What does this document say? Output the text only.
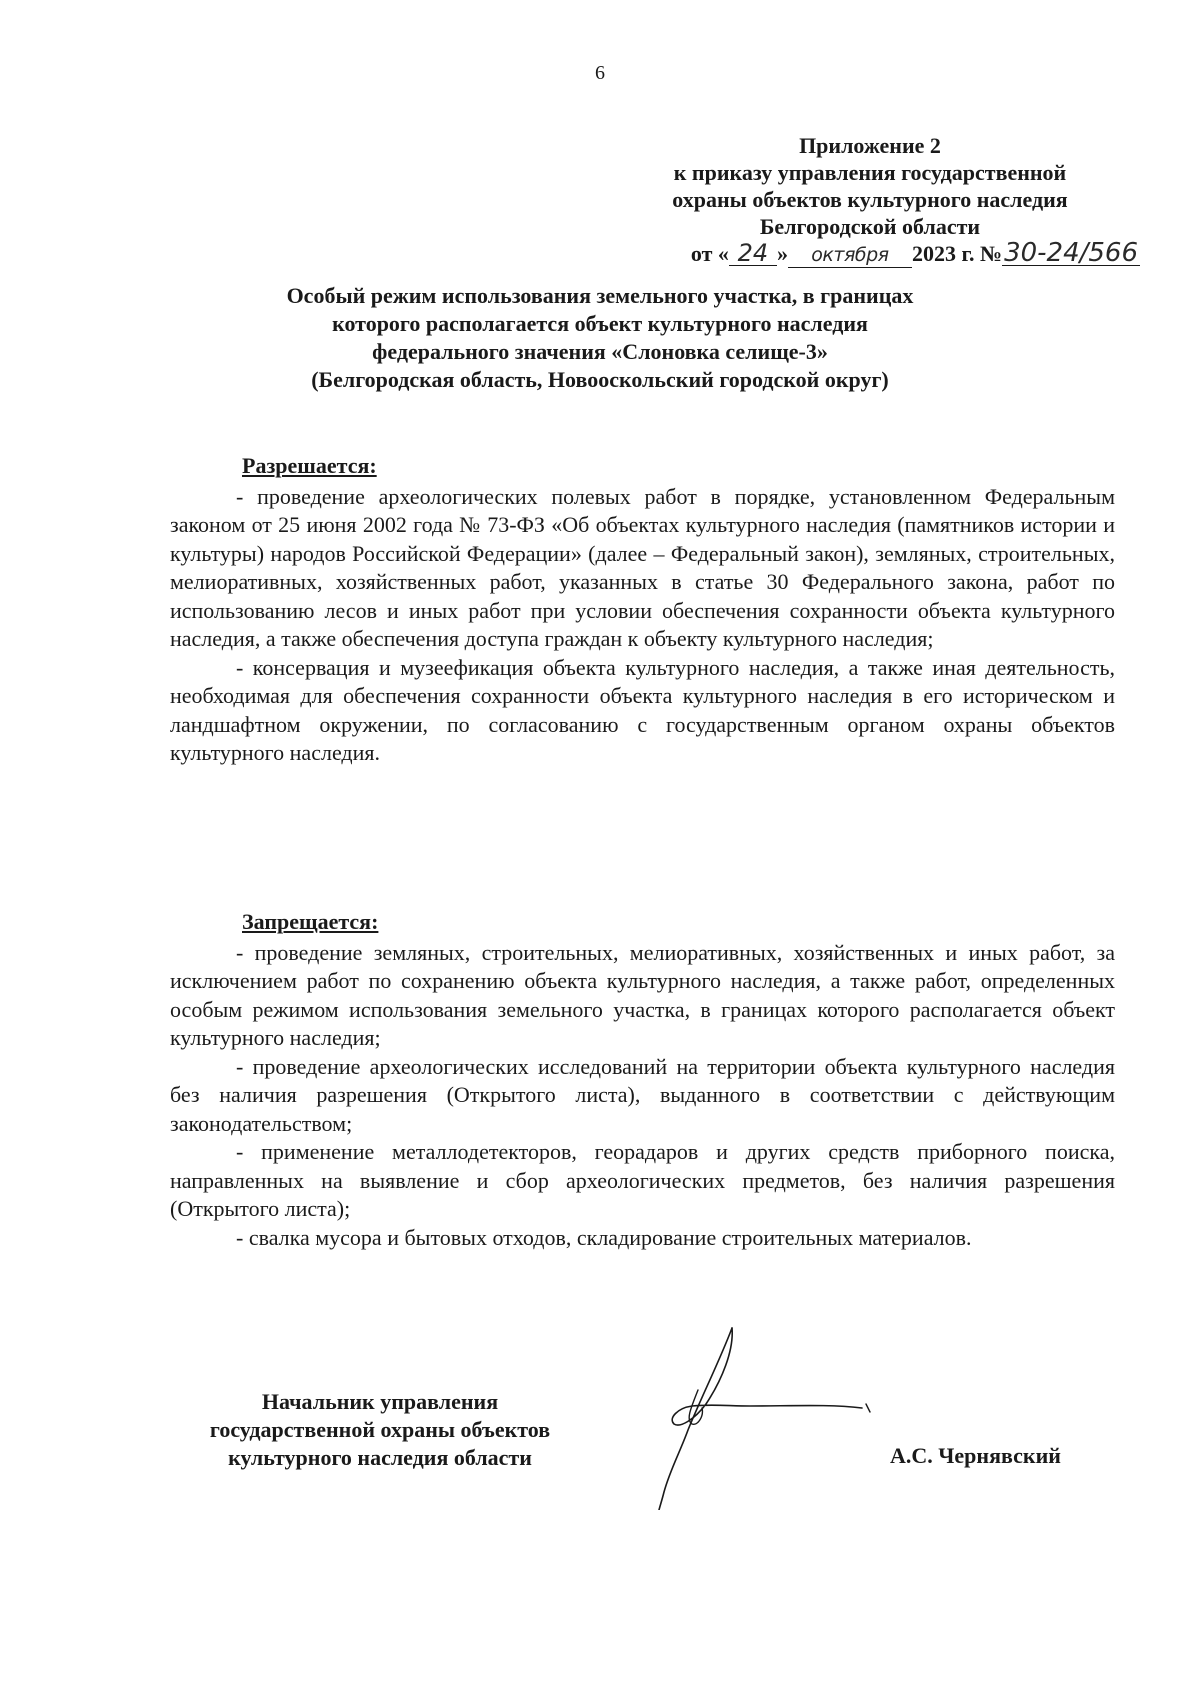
6
Приложение 2
к приказу управления государственной
охраны объектов культурного наследия
Белгородской области
от « 24 » октября 2023 г. №30-24/566
Особый режим использования земельного участка, в границах
которого располагается объект культурного наследия
федерального значения «Слоновка селище-3»
(Белгородская область, Новооскольский городской округ)
Разрешается:

- проведение археологических полевых работ в порядке, установленном Федеральным законом от 25 июня 2002 года № 73-ФЗ «Об объектах культурного наследия (памятников истории и культуры) народов Российской Федерации» (далее – Федеральный закон), земляных, строительных, мелиоративных, хозяйственных работ, указанных в статье 30 Федерального закона, работ по использованию лесов и иных работ при условии обеспечения сохранности объекта культурного наследия, а также обеспечения доступа граждан к объекту культурного наследия;

- консервация и музеефикация объекта культурного наследия, а также иная деятельность, необходимая для обеспечения сохранности объекта культурного наследия в его историческом и ландшафтном окружении, по согласованию с государственным органом охраны объектов культурного наследия.

Запрещается:

- проведение земляных, строительных, мелиоративных, хозяйственных и иных работ, за исключением работ по сохранению объекта культурного наследия, а также работ, определенных особым режимом использования земельного участка, в границах которого располагается объект культурного наследия;

- проведение археологических исследований на территории объекта культурного наследия без наличия разрешения (Открытого листа), выданного в соответствии с действующим законодательством;

- применение металлодетекторов, георадаров и других средств приборного поиска, направленных на выявление и сбор археологических предметов, без наличия разрешения (Открытого листа);

- свалка мусора и бытовых отходов, складирование строительных материалов.

Начальник управления
государственной охраны объектов
культурного наследия области	А.С. Чернявский
